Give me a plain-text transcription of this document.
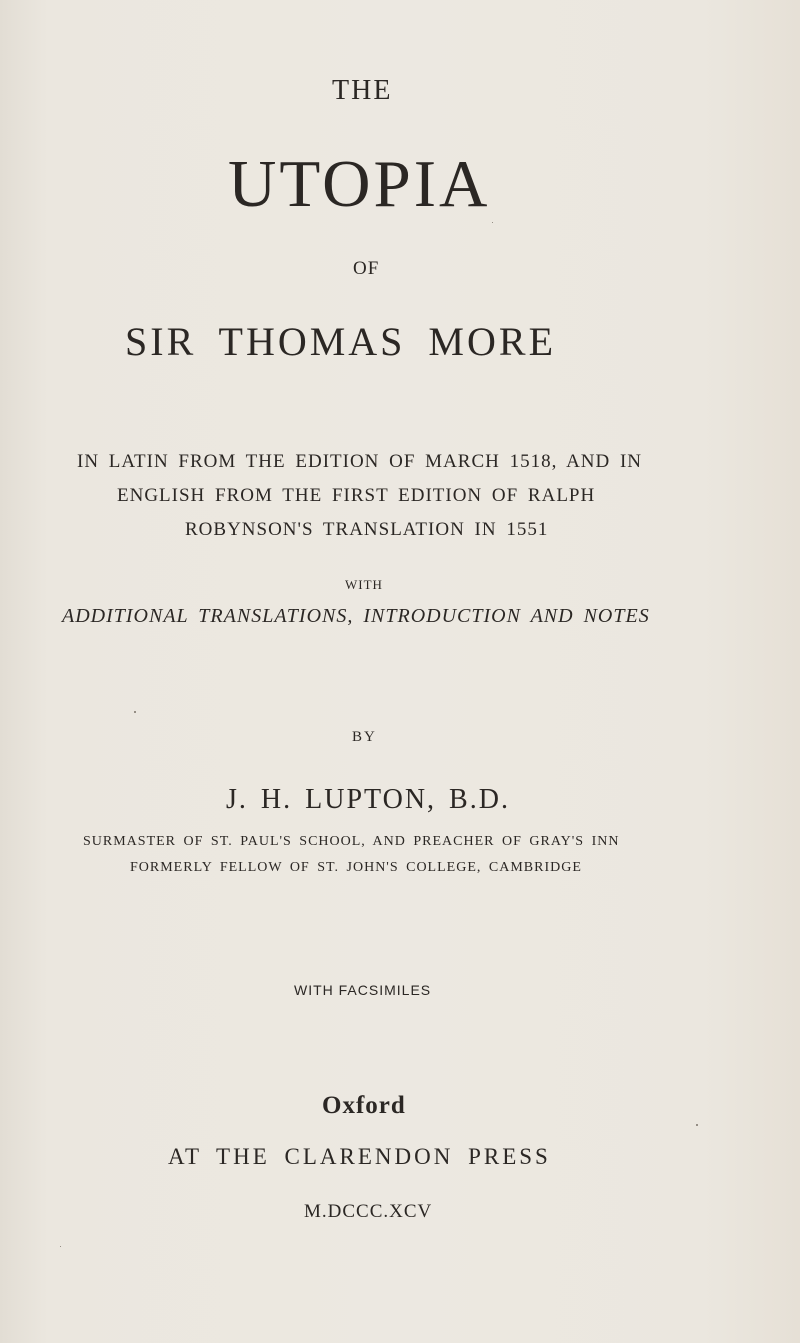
THE

UTOPIA

OF

SIR THOMAS MORE

IN LATIN FROM THE EDITION OF MARCH 1518, AND IN

ENGLISH FROM THE FIRST EDITION OF RALPH

ROBYNSON'S TRANSLATION IN 1551

WITH

ADDITIONAL TRANSLATIONS, INTRODUCTION AND NOTES

BY

J. H. LUPTON, B.D.

SURMASTER OF ST. PAUL'S SCHOOL, AND PREACHER OF GRAY'S INN

FORMERLY FELLOW OF ST. JOHN'S COLLEGE, CAMBRIDGE

WITH FACSIMILES

Oxford

AT THE CLARENDON PRESS

M.DCCC.XCV
